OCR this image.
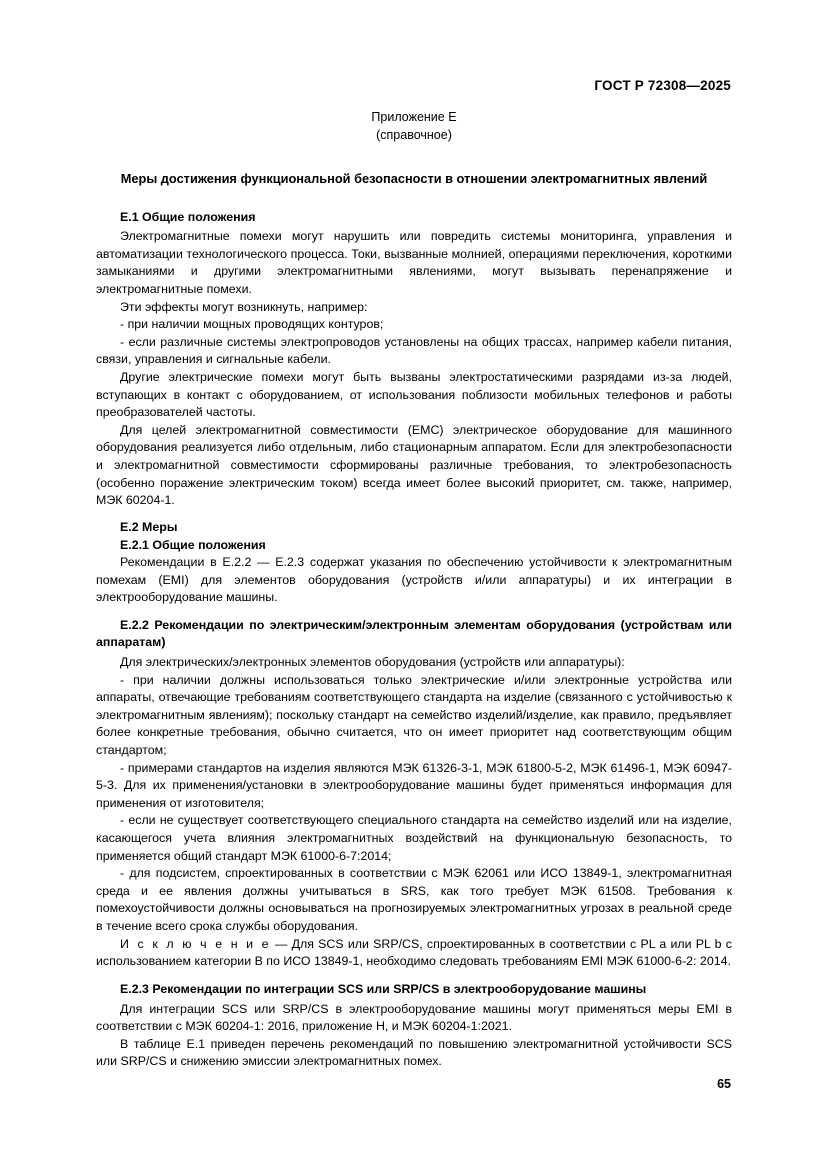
ГОСТ Р 72308—2025
Приложение Е
(справочное)
Меры достижения функциональной безопасности в отношении электромагнитных явлений
Е.1 Общие положения

Электромагнитные помехи могут нарушить или повредить системы мониторинга, управления и автоматизации технологического процесса. Токи, вызванные молнией, операциями переключения, короткими замыканиями и другими электромагнитными явлениями, могут вызывать перенапряжение и электромагнитные помехи.

Эти эффекты могут возникнуть, например:

- при наличии мощных проводящих контуров;

- если различные системы электропроводов установлены на общих трассах, например кабели питания, связи, управления и сигнальные кабели.

Другие электрические помехи могут быть вызваны электростатическими разрядами из-за людей, вступающих в контакт с оборудованием, от использования поблизости мобильных телефонов и работы преобразователей частоты.

Для целей электромагнитной совместимости (ЕМС) электрическое оборудование для машинного оборудования реализуется либо отдельным, либо стационарным аппаратом. Если для электробезопасности и электромагнитной совместимости сформированы различные требования, то электробезопасность (особенно поражение электрическим током) всегда имеет более высокий приоритет, см. также, например, МЭК 60204-1.

Е.2 Меры
Е.2.1 Общие положения

Рекомендации в Е.2.2 — Е.2.3 содержат указания по обеспечению устойчивости к электромагнитным помехам (EMI) для элементов оборудования (устройств и/или аппаратуры) и их интеграции в электрооборудование машины.

Е.2.2 Рекомендации по электрическим/электронным элементам оборудования (устройствам или аппаратам)

Для электрических/электронных элементов оборудования (устройств или аппаратуры):

- при наличии должны использоваться только электрические и/или электронные устройства или аппараты, отвечающие требованиям соответствующего стандарта на изделие (связанного с устойчивостью к электромагнитным явлениям); поскольку стандарт на семейство изделий/изделие, как правило, предъявляет более конкретные требования, обычно считается, что он имеет приоритет над соответствующим общим стандартом;

- примерами стандартов на изделия являются МЭК 61326-3-1, МЭК 61800-5-2, МЭК 61496-1, МЭК 60947-5-3. Для их применения/установки в электрооборудование машины будет применяться информация для применения от изготовителя;

- если не существует соответствующего специального стандарта на семейство изделий или на изделие, касающегося учета влияния электромагнитных воздействий на функциональную безопасность, то применяется общий стандарт МЭК 61000-6-7:2014;

- для подсистем, спроектированных в соответствии с МЭК 62061 или ИСО 13849-1, электромагнитная среда и ее явления должны учитываться в SRS, как того требует МЭК 61508. Требования к помехоустойчивости должны основываться на прогнозируемых электромагнитных угрозах в реальной среде в течение всего срока службы оборудования.

И с к л ю ч е н и е — Для SCS или SRP/CS, спроектированных в соответствии с PL a или PL b с использованием категории B по ИСО 13849-1, необходимо следовать требованиям EMI МЭК 61000-6-2: 2014.

Е.2.3 Рекомендации по интеграции SCS или SRP/CS в электрооборудование машины

Для интеграции SCS или SRP/CS в электрооборудование машины могут применяться меры EMI в соответствии с МЭК 60204-1: 2016, приложение Н, и МЭК 60204-1:2021.

В таблице Е.1 приведен перечень рекомендаций по повышению электромагнитной устойчивости SCS или SRP/CS и снижению эмиссии электромагнитных помех.

65
